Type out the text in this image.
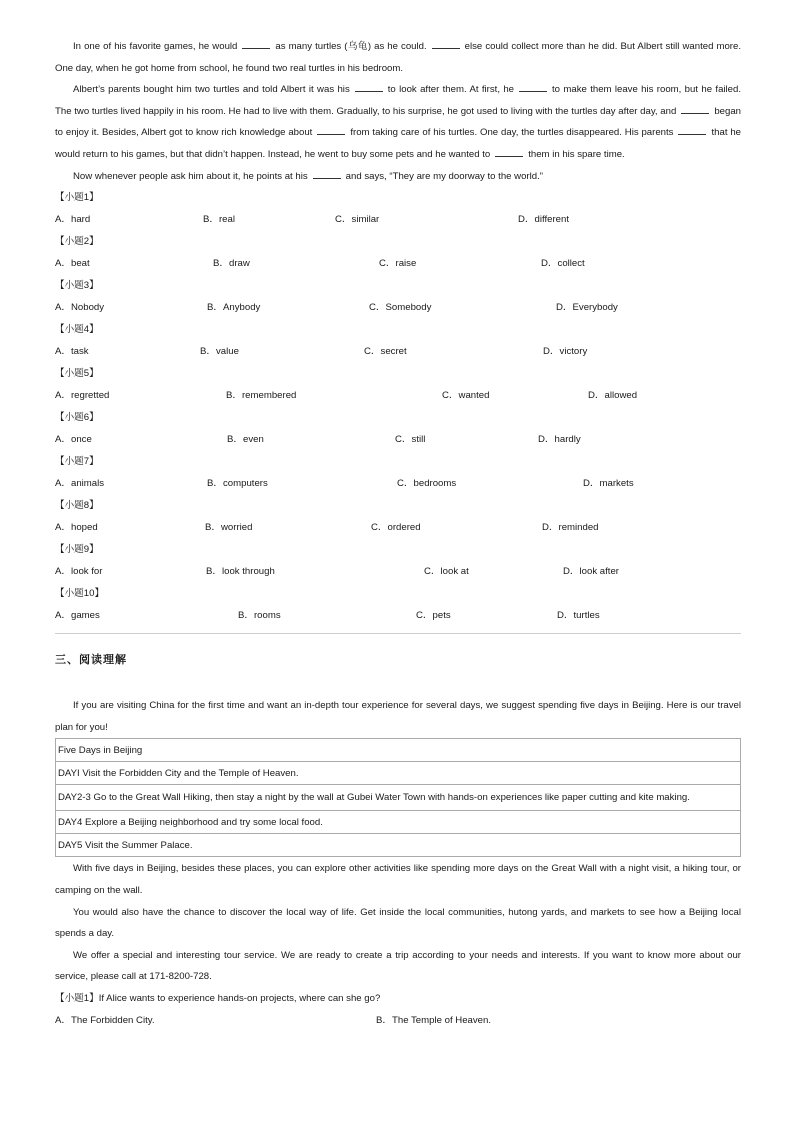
In one of his favorite games, he would	as many turtles (乌龟) as he could.	else could collect more than he did. But Albert still wanted more. One day, when he got home from school, he found two real turtles in his bedroom.

Albert’s parents bought him two turtles and told Albert it was his	to look after them. At first, he	to make them leave his room, but he failed. The two turtles lived happily in his room. He had to live with them. Gradually, to his surprise, he got used to living with the turtles day after day, and	began to enjoy it. Besides, Albert got to know rich knowledge about	from taking care of his turtles. One day, the turtles disappeared. His parents	that he would return to his games, but that didn’t happen. Instead, he went to buy some pets and he wanted to	them in his spare time.

Now whenever people ask him about it, he points at his	and says, “They are my doorway to the world.”

【小题1】

A．hard	B．real	C．similar	D．different

【小题2】

A．beat	B．draw	C．raise	D．collect

【小题3】

A．Nobody	B．Anybody	C．Somebody	D．Everybody

【小题4】

A．task	B．value	C．secret	D．victory

【小题5】

A．regretted	B．remembered	C．wanted	D．allowed

【小题6】

A．once	B．even	C．still	D．hardly

【小题7】

A．animals	B．computers	C．bedrooms	D．markets

【小题8】

A．hoped	B．worried	C．ordered	D．reminded

【小题9】

A．look for	B．look through	C．look at	D．look after

【小题10】

A．games	B．rooms	C．pets	D．turtles
三、阅读理解

If you are visiting China for the first time and want an in-depth tour experience for several days, we suggest spending five days in Beijing. Here is our travel plan for you!

Five Days in Beijing
DAYI Visit the Forbidden City and the Temple of Heaven.
DAY2-3 Go to the Great Wall Hiking, then stay a night by the wall at Gubei Water Town with hands-on experiences like paper cutting and kite making.
DAY4 Explore a Beijing neighborhood and try some local food.
DAY5 Visit the Summer Palace.

With five days in Beijing, besides these places, you can explore other activities like spending more days on the Great Wall with a night visit, a hiking tour, or camping on the wall.

You would also have the chance to discover the local way of life. Get inside the local communities, hutong yards, and markets to see how a Beijing local spends a day.

We offer a special and interesting tour service. We are ready to create a trip according to your needs and interests. If you want to know more about our service, please call at 171-8200-728.

【小题1】If Alice wants to experience hands-on projects, where can she go?

A．The Forbidden City.	B．The Temple of Heaven.
